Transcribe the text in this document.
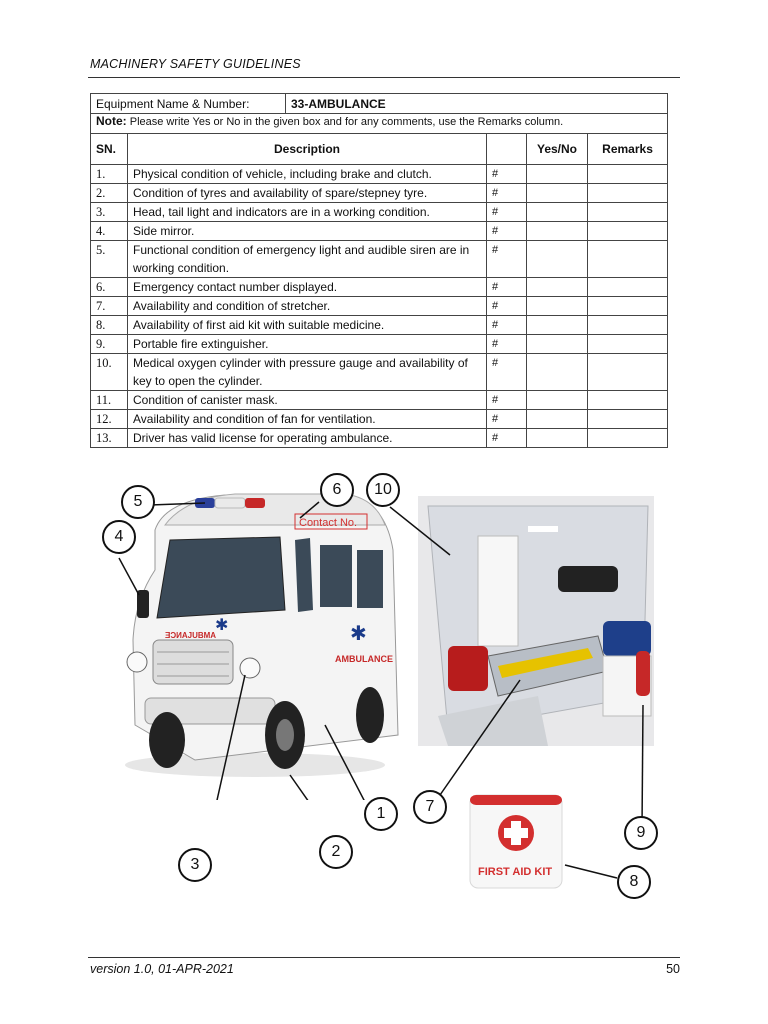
MACHINERY SAFETY GUIDELINES
Equipment Name & Number:		33-AMBULANCE			
Note: Please write Yes or No in the given box and for any comments, use the Remarks column.					
SN.	Description			Yes/No	Remarks
1.	Physical condition of vehicle, including brake and clutch.		#		
2.	Condition of tyres and availability of spare/stepney tyre.		#		
3.	Head, tail light and indicators are in a working condition.		#		
4.	Side mirror.		#		
5.	Functional condition of emergency light and audible siren are in working condition.		#		
6.	Emergency contact number displayed.		#		
7.	Availability and condition of stretcher.		#		
8.	Availability of first aid kit with suitable medicine.		#		
9.	Portable fire extinguisher.		#		
10.	Medical oxygen cylinder with pressure gauge and availability of key to open the cylinder.		#		
11.	Condition of canister mask.		#		
12.	Availability and condition of fan for ventilation.		#		
13.	Driver has valid license for operating ambulance.		#		
✱	✱
ƎϽИAJUBMA
AMBULANCE
Contact No.
FIRST AID KIT
5
4
6	10
1
2
3
7
9
8
version 1.0, 01-APR-2021	50
